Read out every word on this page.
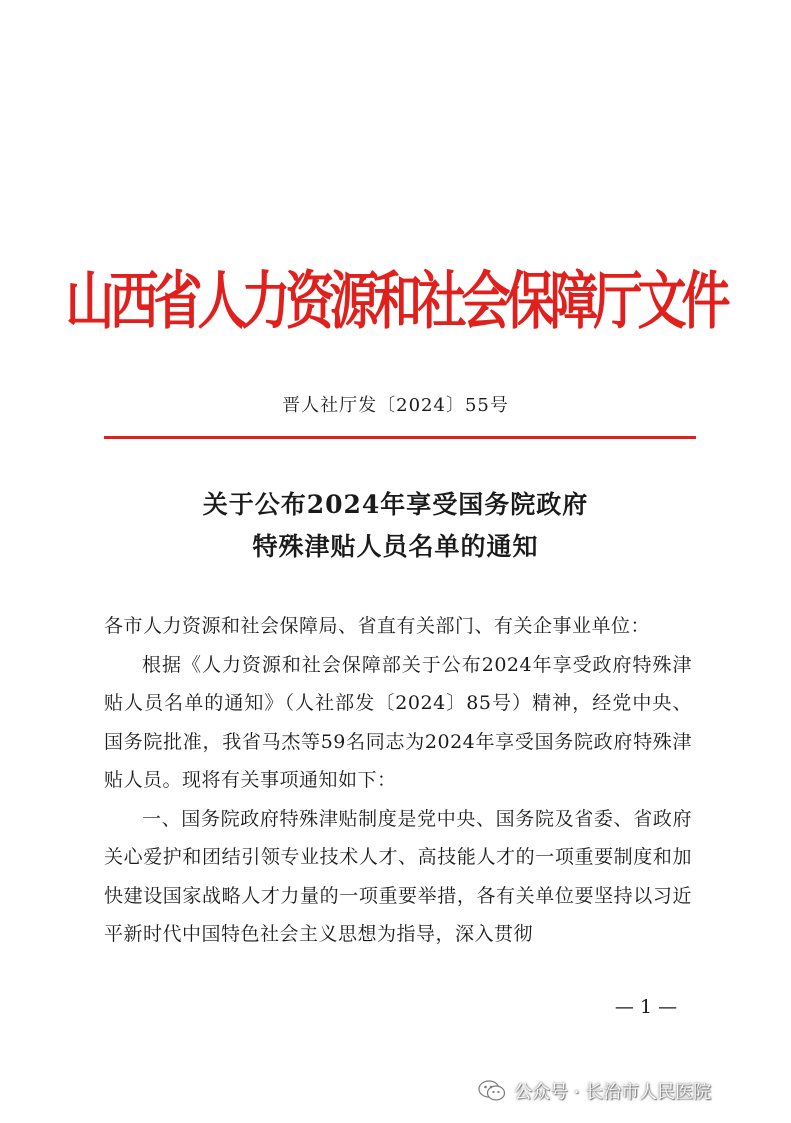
山西省人力资源和社会保障厅文件
晋人社厅发〔2024〕55号
关于公布2024年享受国务院政府
特殊津贴人员名单的通知

各市人力资源和社会保障局、省直有关部门、有关企事业单位：

根据《人力资源和社会保障部关于公布2024年享受政府特殊津贴人员名单的通知》（人社部发〔2024〕85号）精神，经党中央、国务院批准，我省马杰等59名同志为2024年享受国务院政府特殊津贴人员。现将有关事项通知如下：

一、国务院政府特殊津贴制度是党中央、国务院及省委、省政府关心爱护和团结引领专业技术人才、高技能人才的一项重要制度和加快建设国家战略人才力量的一项重要举措，各有关单位要坚持以习近平新时代中国特色社会主义思想为指导，深入贯彻

— 1 —
公众号 · 长治市人民医院
